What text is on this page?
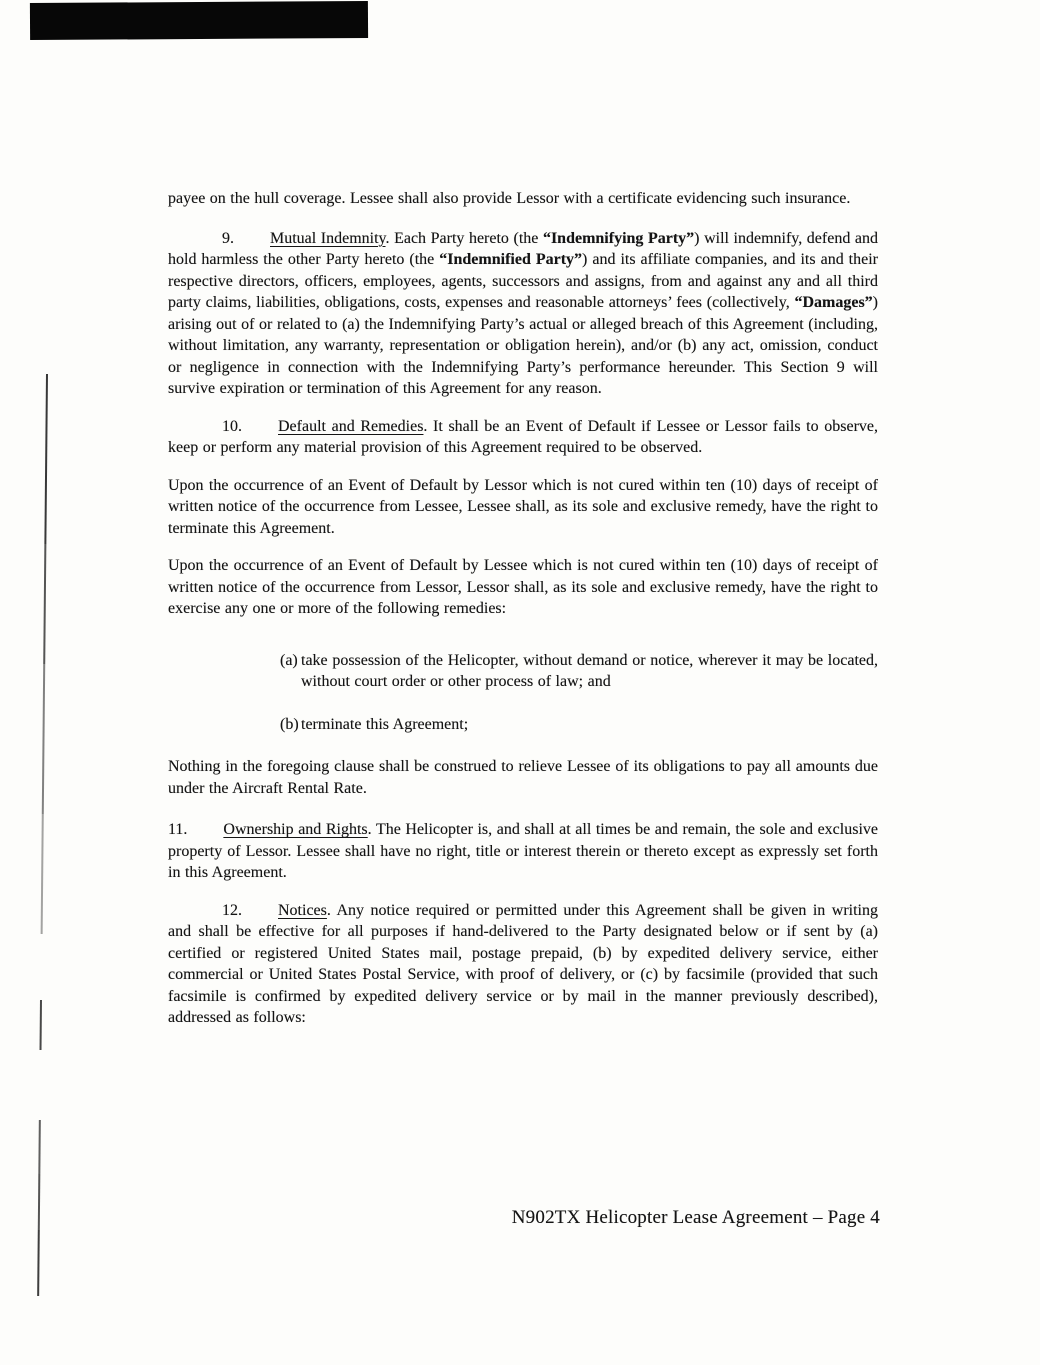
payee on the hull coverage. Lessee shall also provide Lessor with a certificate evidencing such insurance.

9. Mutual Indemnity. Each Party hereto (the “Indemnifying Party”) will indemnify, defend and hold harmless the other Party hereto (the “Indemnified Party”) and its affiliate companies, and its and their respective directors, officers, employees, agents, successors and assigns, from and against any and all third party claims, liabilities, obligations, costs, expenses and reasonable attorneys’ fees (collectively, “Damages”) arising out of or related to (a) the Indemnifying Party’s actual or alleged breach of this Agreement (including, without limitation, any warranty, representation or obligation herein), and/or (b) any act, omission, conduct or negligence in connection with the Indemnifying Party’s performance hereunder. This Section 9 will survive expiration or termination of this Agreement for any reason.

10. Default and Remedies. It shall be an Event of Default if Lessee or Lessor fails to observe, keep or perform any material provision of this Agreement required to be observed.

Upon the occurrence of an Event of Default by Lessor which is not cured within ten (10) days of receipt of written notice of the occurrence from Lessee, Lessee shall, as its sole and exclusive remedy, have the right to terminate this Agreement.

Upon the occurrence of an Event of Default by Lessee which is not cured within ten (10) days of receipt of written notice of the occurrence from Lessor, Lessor shall, as its sole and exclusive remedy, have the right to exercise any one or more of the following remedies:

(a) take possession of the Helicopter, without demand or notice, wherever it may be located, without court order or other process of law; and
(b) terminate this Agreement;

Nothing in the foregoing clause shall be construed to relieve Lessee of its obligations to pay all amounts due under the Aircraft Rental Rate.

11. Ownership and Rights. The Helicopter is, and shall at all times be and remain, the sole and exclusive property of Lessor. Lessee shall have no right, title or interest therein or thereto except as expressly set forth in this Agreement.

12. Notices. Any notice required or permitted under this Agreement shall be given in writing and shall be effective for all purposes if hand-delivered to the Party designated below or if sent by (a) certified or registered United States mail, postage prepaid, (b) by expedited delivery service, either commercial or United States Postal Service, with proof of delivery, or (c) by facsimile (provided that such facsimile is confirmed by expedited delivery service or by mail in the manner previously described), addressed as follows:

N902TX Helicopter Lease Agreement – Page 4
